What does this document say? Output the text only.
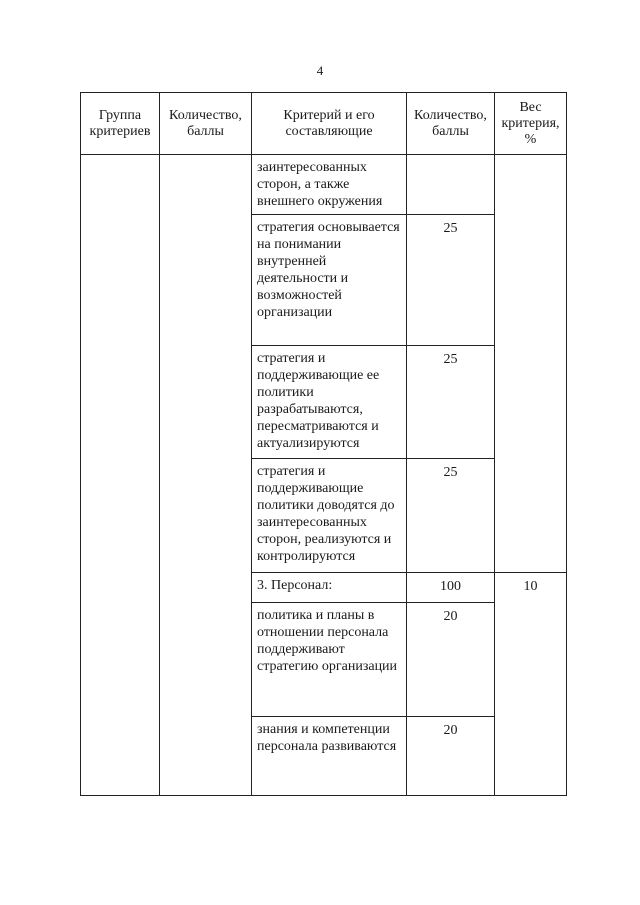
4
Группа критериев	Количество, баллы	Критерий и его составляющие	Количество, баллы	Вес критерия, %
		заинтересованных сторон, а также внешнего окружения		
		стратегия основывается на понимании внутренней деятельности и возможностей организации	25	
		стратегия и поддерживающие ее политики разрабатываются, пересматриваются и актуализируются	25	
		стратегия и поддерживающие политики доводятся до заинтересованных сторон, реализуются и контролируются	25	
		3. Персонал:	100	10
		политика и планы в отношении персонала поддерживают стратегию организации	20	
		знания и компетенции персонала развиваются	20	
